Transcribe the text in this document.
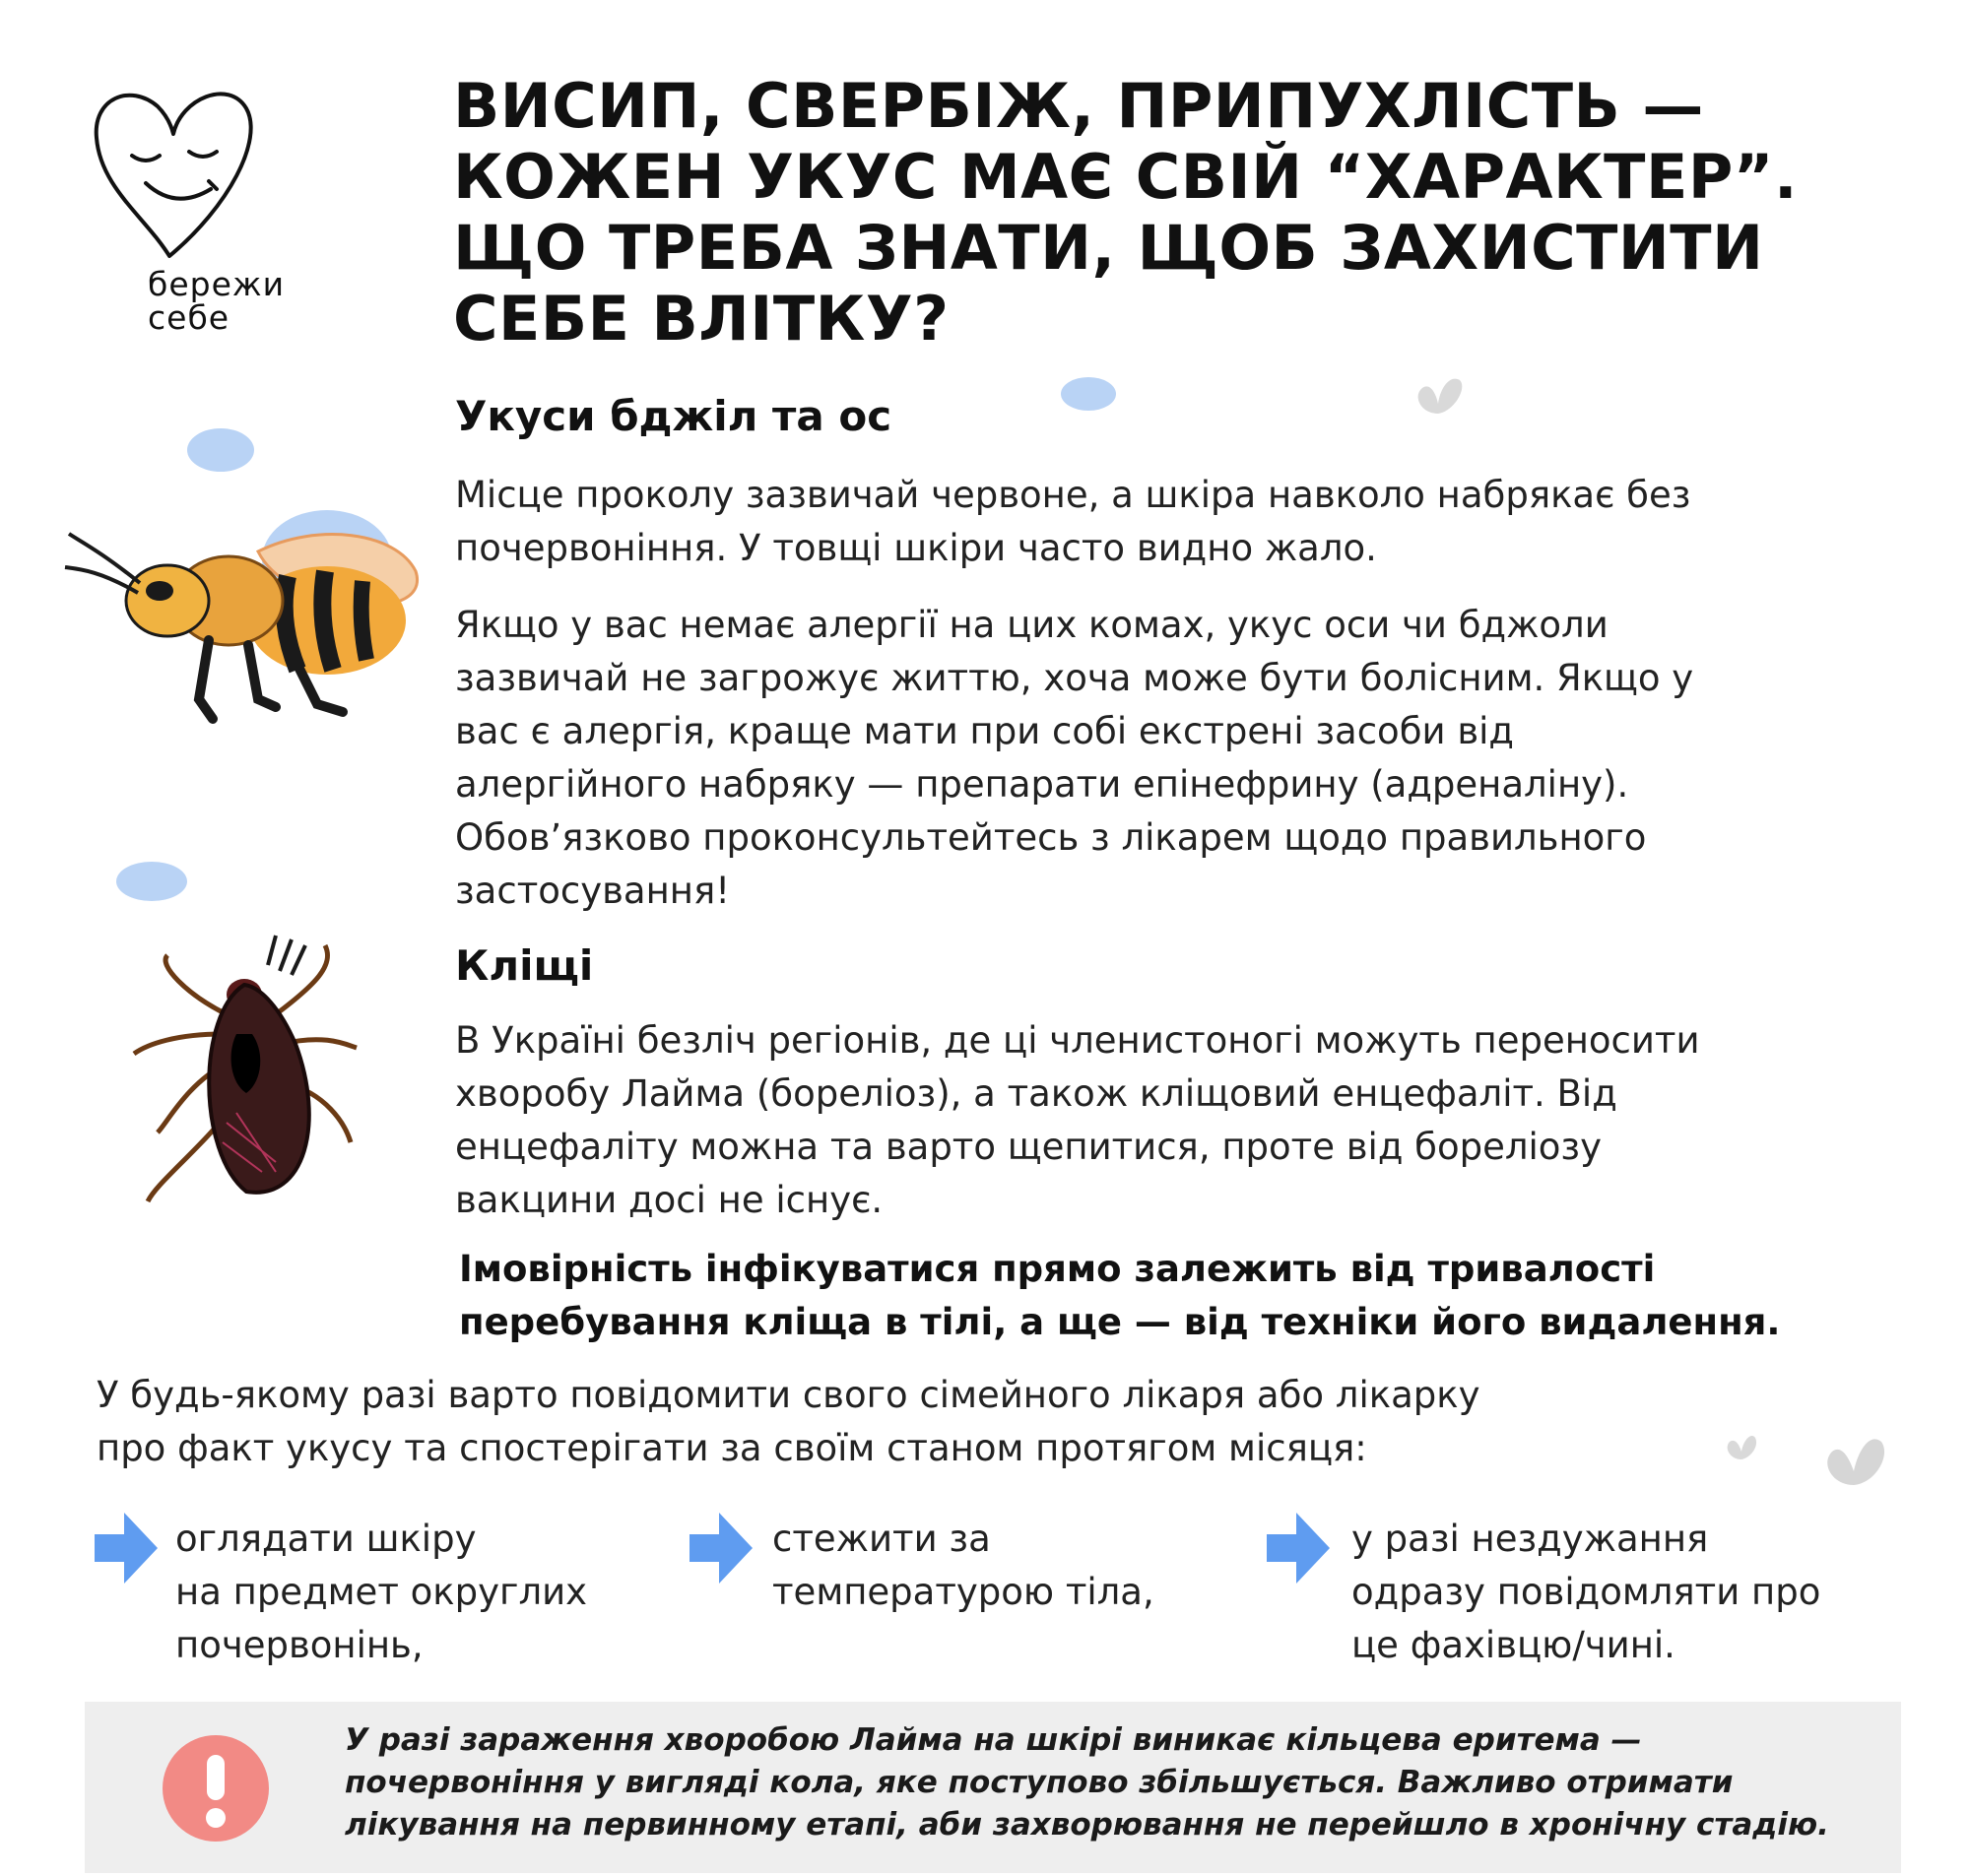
бережи
себе
ВИСИП, СВЕРБІЖ, ПРИПУХЛІСТЬ —
КОЖЕН УКУС МАЄ СВІЙ “ХАРАКТЕР”.
ЩО ТРЕБА ЗНАТИ, ЩОБ ЗАХИСТИТИ
СЕБЕ ВЛІТКУ?
Укуси бджіл та ос
Місце проколу зазвичай червоне, а шкіра навколо набрякає без
почервоніння. У товщі шкіри часто видно жало.
Якщо у вас немає алергії на цих комах, укус оси чи бджоли
зазвичай не загрожує життю, хоча може бути болісним. Якщо у
вас є алергія, краще мати при собі екстрені засоби від
алергійного набряку — препарати епінефрину (адреналіну).
Обов’язково проконсультейтесь з лікарем щодо правильного
застосування!
Кліщі
В Україні безліч регіонів, де ці членистоногі можуть переносити
хворобу Лайма (бореліоз), а також кліщовий енцефаліт. Від
енцефаліту можна та варто щепитися, проте від бореліозу
вакцини досі не існує.
Імовірність інфікуватися прямо залежить від тривалості
перебування кліща в тілі, а ще — від техніки його видалення.
У будь-якому разі варто повідомити свого сімейного лікаря або лікарку
про факт укусу та спостерігати за своїм станом протягом місяця:
оглядати шкіру
на предмет округлих
почервонінь,
стежити за
температурою тіла,
у разі нездужання
одразу повідомляти про
це фахівцю/чині.
У разі зараження хворобою Лайма на шкірі виникає кільцева еритема —
почервоніння у вигляді кола, яке поступово збільшується. Важливо отримати
лікування на первинному етапі, аби захворювання не перейшло в хронічну стадію.
